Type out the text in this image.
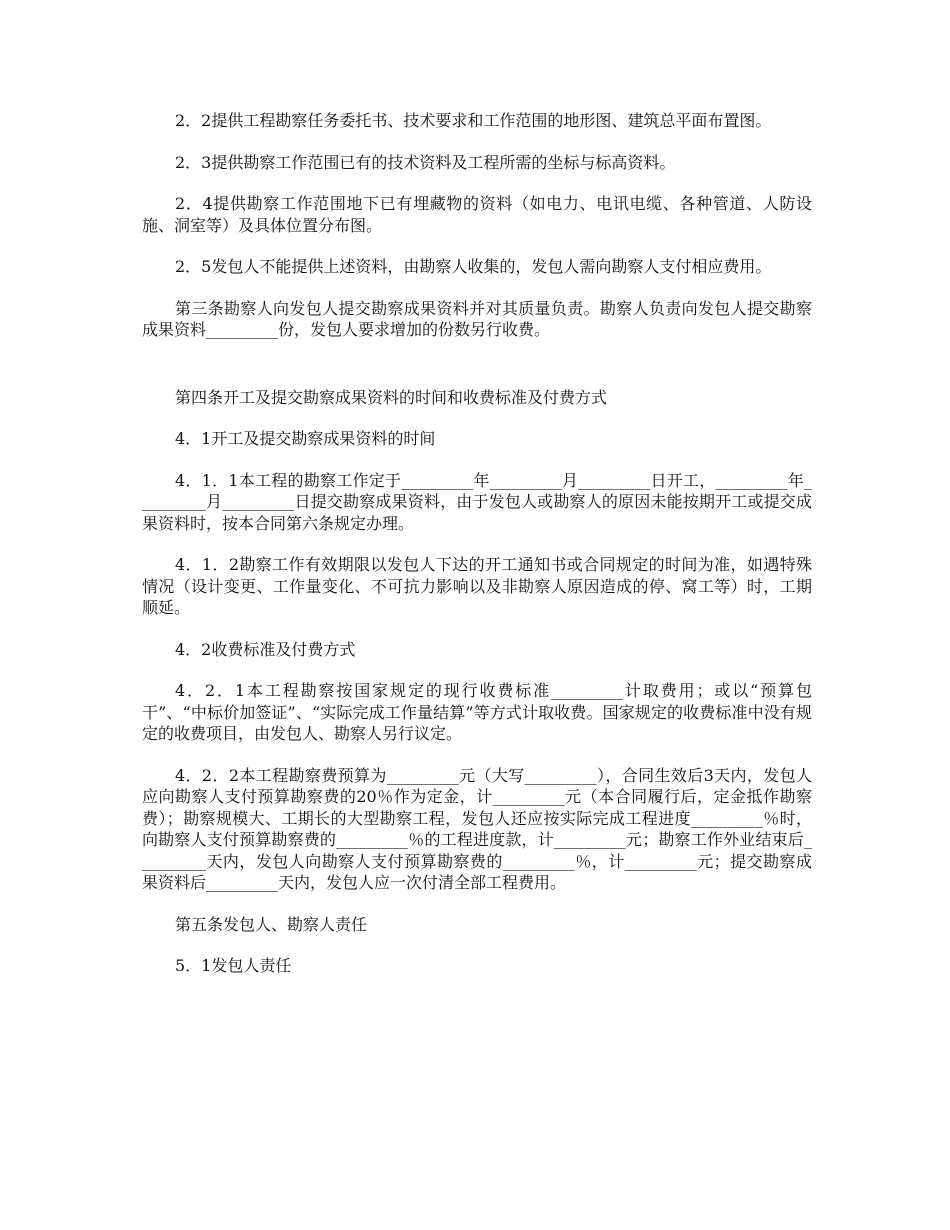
2．2提供工程勘察任务委托书、技术要求和工作范围的地形图、建筑总平面布置图。

2．3提供勘察工作范围已有的技术资料及工程所需的坐标与标高资料。

2．4提供勘察工作范围地下已有埋藏物的资料（如电力、电讯电缆、各种管道、人防设施、洞室等）及具体位置分布图。

2．5发包人不能提供上述资料，由勘察人收集的，发包人需向勘察人支付相应费用。

第三条勘察人向发包人提交勘察成果资料并对其质量负责。勘察人负责向发包人提交勘察成果资料_________份，发包人要求增加的份数另行收费。

第四条开工及提交勘察成果资料的时间和收费标准及付费方式

4．1开工及提交勘察成果资料的时间

4．1．1本工程的勘察工作定于_________年_________月_________日开工，_________年_________月_________日提交勘察成果资料，由于发包人或勘察人的原因未能按期开工或提交成果资料时，按本合同第六条规定办理。

4．1．2勘察工作有效期限以发包人下达的开工通知书或合同规定的时间为准，如遇特殊情况（设计变更、工作量变化、不可抗力影响以及非勘察人原因造成的停、窝工等）时，工期顺延。

4．2收费标准及付费方式

4．2．1本工程勘察按国家规定的现行收费标准_________计取费用；或以“预算包干”、“中标价加签证”、“实际完成工作量结算”等方式计取收费。国家规定的收费标准中没有规定的收费项目，由发包人、勘察人另行议定。

4．2．2本工程勘察费预算为_________元（大写_________），合同生效后3天内，发包人应向勘察人支付预算勘察费的20％作为定金，计_________元（本合同履行后，定金抵作勘察费）；勘察规模大、工期长的大型勘察工程，发包人还应按实际完成工程进度_________％时，向勘察人支付预算勘察费的_________％的工程进度款，计_________元；勘察工作外业结束后_________天内，发包人向勘察人支付预算勘察费的_________％，计_________元；提交勘察成果资料后_________天内，发包人应一次付清全部工程费用。

第五条发包人、勘察人责任

5．1发包人责任
